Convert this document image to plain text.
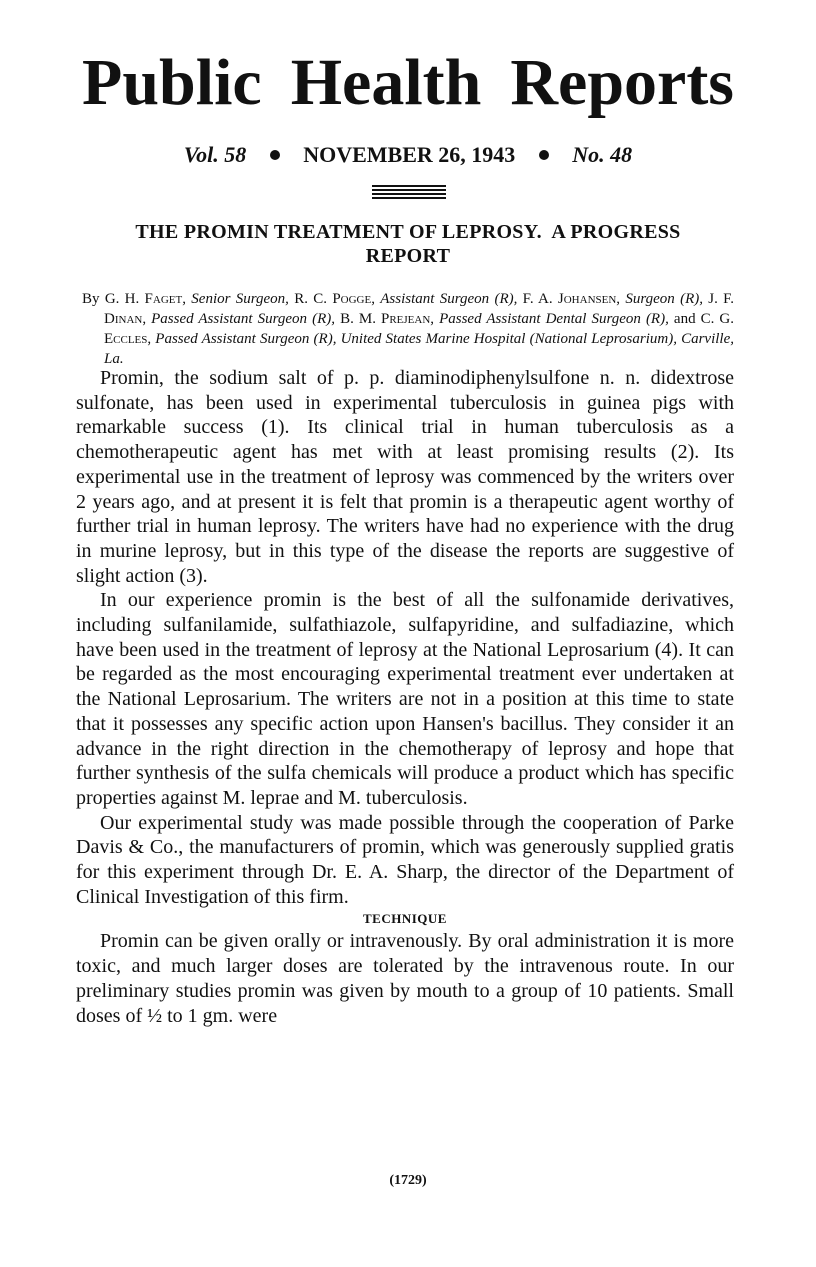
Public Health Reports
Vol. 58	NOVEMBER 26, 1943	No. 48
THE PROMIN TREATMENT OF LEPROSY.  A PROGRESS
REPORT
By G. H. Faget, Senior Surgeon, R. C. Pogge, Assistant Surgeon (R), F. A. Johansen, Surgeon (R), J. F. Dinan, Passed Assistant Surgeon (R), B. M. Prejean, Passed Assistant Dental Surgeon (R), and C. G. Eccles, Passed Assistant Surgeon (R), United States Marine Hospital (National Leprosarium), Carville, La.

Promin, the sodium salt of p. p. diaminodiphenylsulfone n. n. didextrose sulfonate, has been used in experimental tuberculosis in guinea pigs with remarkable success (1). Its clinical trial in human tuberculosis as a chemotherapeutic agent has met with at least promising results (2). Its experimental use in the treatment of leprosy was commenced by the writers over 2 years ago, and at present it is felt that promin is a therapeutic agent worthy of further trial in human leprosy. The writers have had no experience with the drug in murine leprosy, but in this type of the disease the reports are suggestive of slight action (3).

In our experience promin is the best of all the sulfonamide derivatives, including sulfanilamide, sulfathiazole, sulfapyridine, and sulfadiazine, which have been used in the treatment of leprosy at the National Leprosarium (4). It can be regarded as the most encouraging experimental treatment ever undertaken at the National Leprosarium. The writers are not in a position at this time to state that it possesses any specific action upon Hansen's bacillus. They consider it an advance in the right direction in the chemotherapy of leprosy and hope that further synthesis of the sulfa chemicals will produce a product which has specific properties against M. leprae and M. tuberculosis.

Our experimental study was made possible through the cooperation of Parke Davis & Co., the manufacturers of promin, which was generously supplied gratis for this experiment through Dr. E. A. Sharp, the director of the Department of Clinical Investigation of this firm.

TECHNIQUE

Promin can be given orally or intravenously. By oral administration it is more toxic, and much larger doses are tolerated by the intravenous route. In our preliminary studies promin was given by mouth to a group of 10 patients. Small doses of ½ to 1 gm. were

(1729)
